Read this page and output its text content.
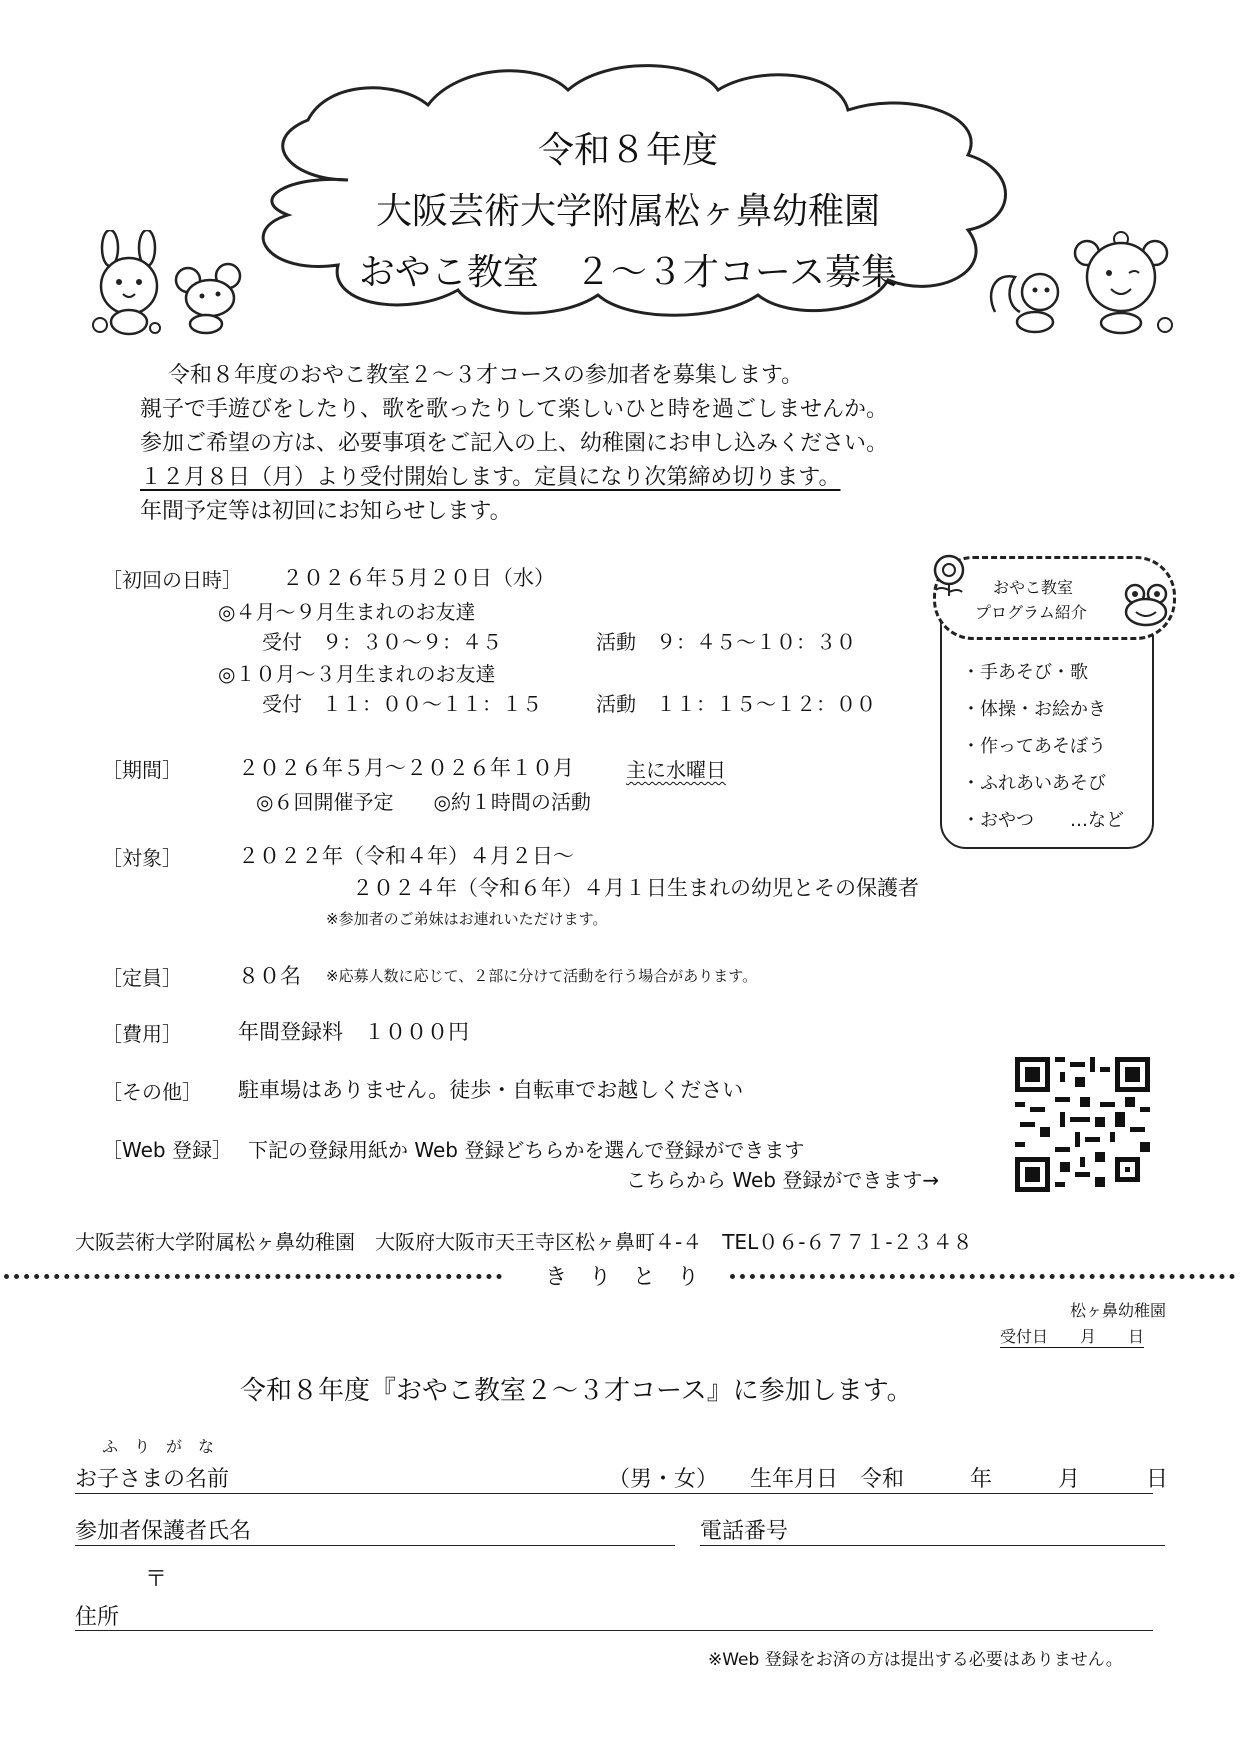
令和８年度
大阪芸術大学附属松ヶ鼻幼稚園
おやこ教室　２～３才コース募集
令和８年度のおやこ教室２～３才コースの参加者を募集します。
親子で手遊びをしたり、歌を歌ったりして楽しいひと時を過ごしませんか。
参加ご希望の方は、必要事項をご記入の上、幼稚園にお申し込みください。
１２月８日（月）より受付開始します。定員になり次第締め切ります。
年間予定等は初回にお知らせします。
［初回の日時］ ２０２６年５月２０日（水）
◎４月～９月生まれのお友達
受付　９：３０～９：４５	活動　９：４５～１０：３０
◎１０月～３月生まれのお友達
受付　１１：００～１１：１５	活動　１１：１５～１２：００
［期間］	２０２６年５月～２０２６年１０月	主に水曜日
◎６回開催予定　　◎約１時間の活動
［対象］	２０２２年（令和４年）４月２日～
２０２４年（令和６年）４月１日生まれの幼児とその保護者
※参加者のご弟妹はお連れいただけます。
［定員］	８０名 ※応募人数に応じて、２部に分けて活動を行う場合があります。
［費用］	年間登録料　１０００円
［その他］ 駐車場はありません。徒歩・自転車でお越しください
［Web 登録］ 下記の登録用紙か Web 登録どちらかを選んで登録ができます
こちらから Web 登録ができます→
おやこ教室
プログラム紹介
・手あそび・歌
・体操・お絵かき
・作ってあそぼう
・ふれあいあそび
・おやつ　　…など
大阪芸術大学附属松ヶ鼻幼稚園　大阪府大阪市天王寺区松ヶ鼻町４-４　TEL０６-６７７１-２３４８
き　り　と　り
松ヶ鼻幼稚園
受付日　　月　　日
令和８年度『おやこ教室２～３才コース』に参加します。
ふ　り　が　な
お子さまの名前	（男・女） 生年月日　令和　　　年　　　月　　　日
参加者保護者氏名	電話番号
〒
住所
※Web 登録をお済の方は提出する必要はありません。
